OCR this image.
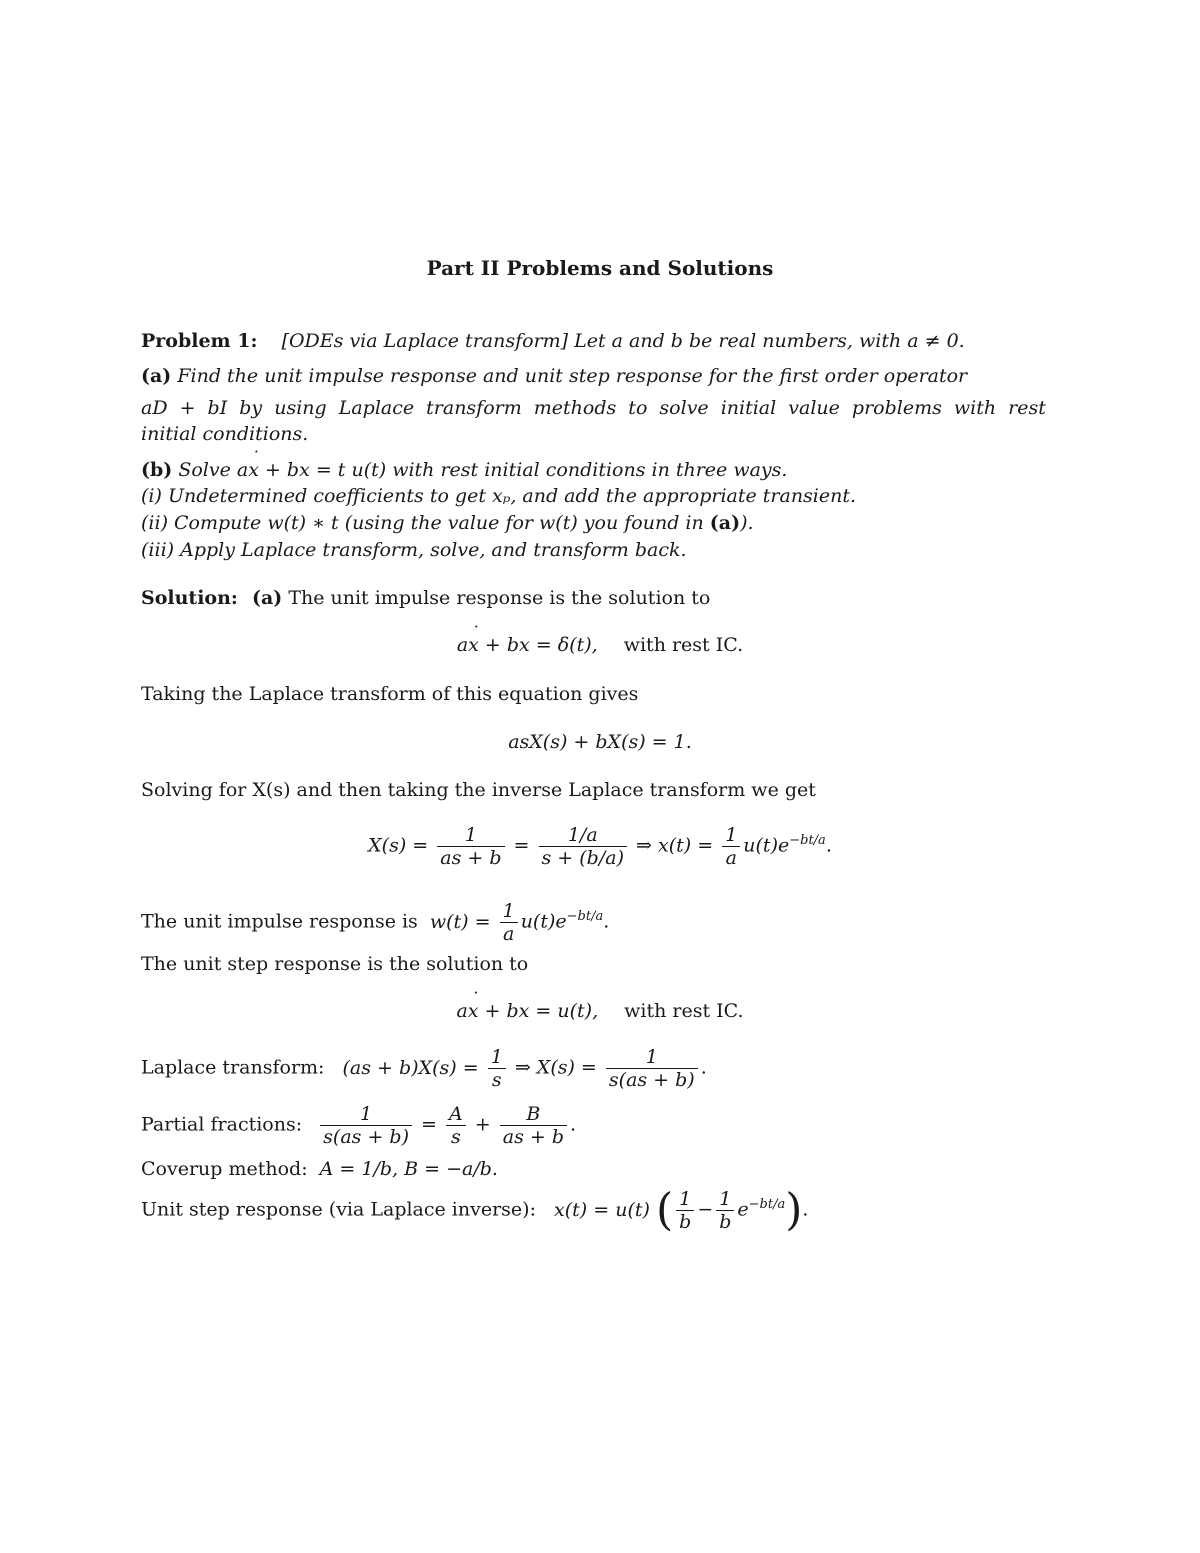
Part II Problems and Solutions
Problem 1: [ODEs via Laplace transform] Let a and b be real numbers, with a ≠ 0.
(a) Find the unit impulse response and unit step response for the first order operator
aD + bI by using Laplace transform methods to solve initial value problems with rest
initial conditions.
(b) Solve ax ˙ + bx = t u(t) with rest initial conditions in three ways.
(i) Undetermined coefficients to get xₚ, and add the appropriate transient.
(ii) Compute w(t) ∗ t (using the value for w(t) you found in (a)).
(iii) Apply Laplace transform, solve, and transform back.
Solution: (a) The unit impulse response is the solution to
ax ˙ + bx = δ(t), with rest IC.
Taking the Laplace transform of this equation gives
asX(s) + bX(s) = 1.
Solving for X(s) and then taking the inverse Laplace transform we get
$X(s) = \frac{1}{as + b} = \frac{1/a}{s + (b/a)}$ ⇒ $x(t) = \frac{1}{a} u(t)e^{-bt/a}$.
The unit impulse response is $w(t) = \frac{1}{a} u(t)e^{-bt/a}$.
The unit step response is the solution to
ax ˙ + bx = u(t), with rest IC.
Laplace transform: $(as + b)X(s) = \frac{1}{s}$ ⇒ $X(s) = \frac{1}{s(as + b)}$ .
Partial fractions: $\frac{1}{s(as + b)} = \frac{A}{s} + \frac{B}{as + b}$ .
Coverup method: A = 1/b, B = −a/b.
Unit step response (via Laplace inverse): x(t) = u(t) ( $\frac{1}{b} - \frac{1}{b} e^{-bt/a}$).
